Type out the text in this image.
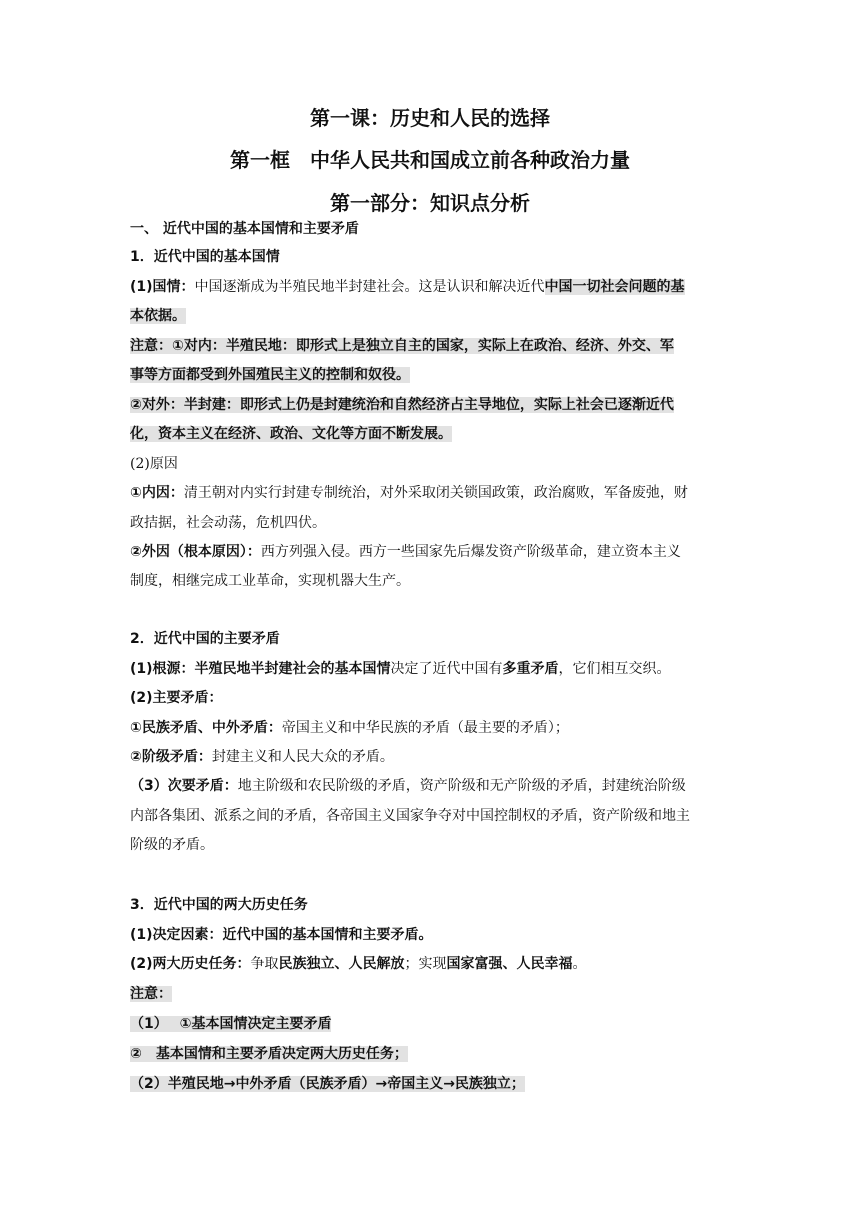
第一课：历史和人民的选择
第一框　中华人民共和国成立前各种政治力量
第一部分：知识点分析
一、 近代中国的基本国情和主要矛盾
1．近代中国的基本国情
(1)国情：中国逐渐成为半殖民地半封建社会。这是认识和解决近代中国一切社会问题的基
本依据。
注意：①对内：半殖民地：即形式上是独立自主的国家，实际上在政治、经济、外交、军
事等方面都受到外国殖民主义的控制和奴役。
②对外：半封建：即形式上仍是封建统治和自然经济占主导地位，实际上社会已逐渐近代
化，资本主义在经济、政治、文化等方面不断发展。
(2)原因
①内因：清王朝对内实行封建专制统治，对外采取闭关锁国政策，政治腐败，军备废弛，财
政拮据，社会动荡，危机四伏。
②外因（根本原因）：西方列强入侵。西方一些国家先后爆发资产阶级革命，建立资本主义
制度，相继完成工业革命，实现机器大生产。
2．近代中国的主要矛盾
(1)根源：半殖民地半封建社会的基本国情决定了近代中国有多重矛盾，它们相互交织。
(2)主要矛盾：
①民族矛盾、中外矛盾：帝国主义和中华民族的矛盾（最主要的矛盾）；
②阶级矛盾：封建主义和人民大众的矛盾。
（3）次要矛盾：地主阶级和农民阶级的矛盾，资产阶级和无产阶级的矛盾，封建统治阶级
内部各集团、派系之间的矛盾，各帝国主义国家争夺对中国控制权的矛盾，资产阶级和地主
阶级的矛盾。
3．近代中国的两大历史任务
(1)决定因素：近代中国的基本国情和主要矛盾。
(2)两大历史任务：争取民族独立、人民解放；实现国家富强、人民幸福。
注意：
（1）　 ①基本国情决定主要矛盾
②　基本国情和主要矛盾决定两大历史任务；
（2）半殖民地→中外矛盾（民族矛盾）→帝国主义→民族独立；
